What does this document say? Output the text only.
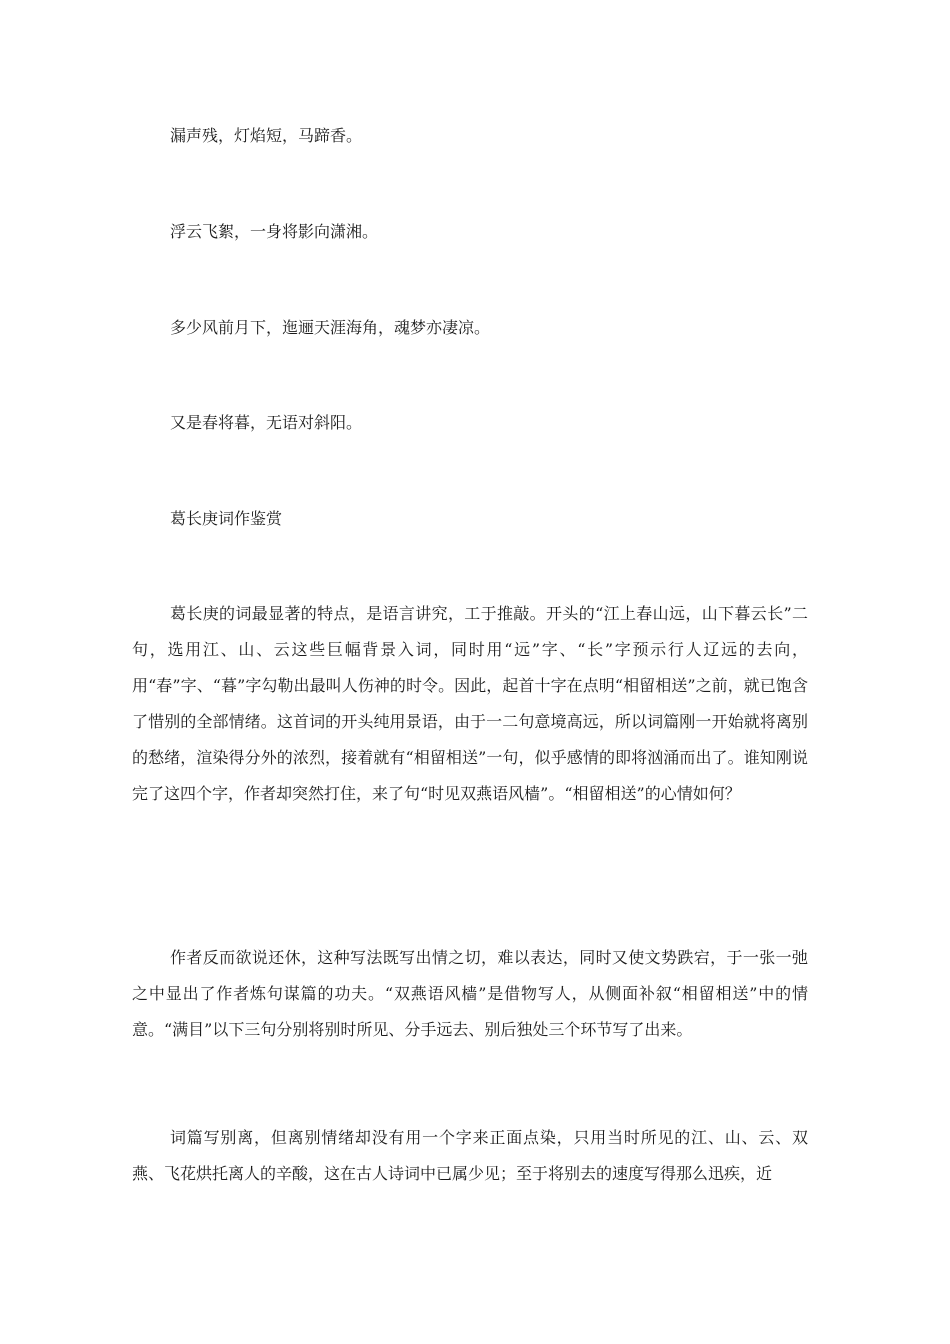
漏声残，灯焰短，马蹄香。

浮云飞絮，一身将影向潇湘。

多少风前月下，迤逦天涯海角，魂梦亦凄凉。

又是春将暮，无语对斜阳。

葛长庚词作鉴赏

葛长庚的词最显著的特点，是语言讲究，工于推敲。开头的“江上春山远，山下暮云长”二句，选用江、山、云这些巨幅背景入词，同时用“远”字、“长”字预示行人辽远的去向，用“春”字、“暮”字勾勒出最叫人伤神的时令。因此，起首十字在点明“相留相送”之前，就已饱含了惜别的全部情绪。这首词的开头纯用景语，由于一二句意境高远，所以词篇刚一开始就将离别的愁绪，渲染得分外的浓烈，接着就有“相留相送”一句，似乎感情的即将汹涌而出了。谁知刚说完了这四个字，作者却突然打住，来了句“时见双燕语风樯”。“相留相送”的心情如何？

作者反而欲说还休，这种写法既写出情之切，难以表达，同时又使文势跌宕，于一张一弛之中显出了作者炼句谋篇的功夫。“双燕语风樯”是借物写人，从侧面补叙“相留相送”中的情意。“满目”以下三句分别将别时所见、分手远去、别后独处三个环节写了出来。

词篇写别离，但离别情绪却没有用一个字来正面点染，只用当时所见的江、山、云、双燕、飞花烘托离人的辛酸，这在古人诗词中已属少见；至于将别去的速度写得那么迅疾，近
